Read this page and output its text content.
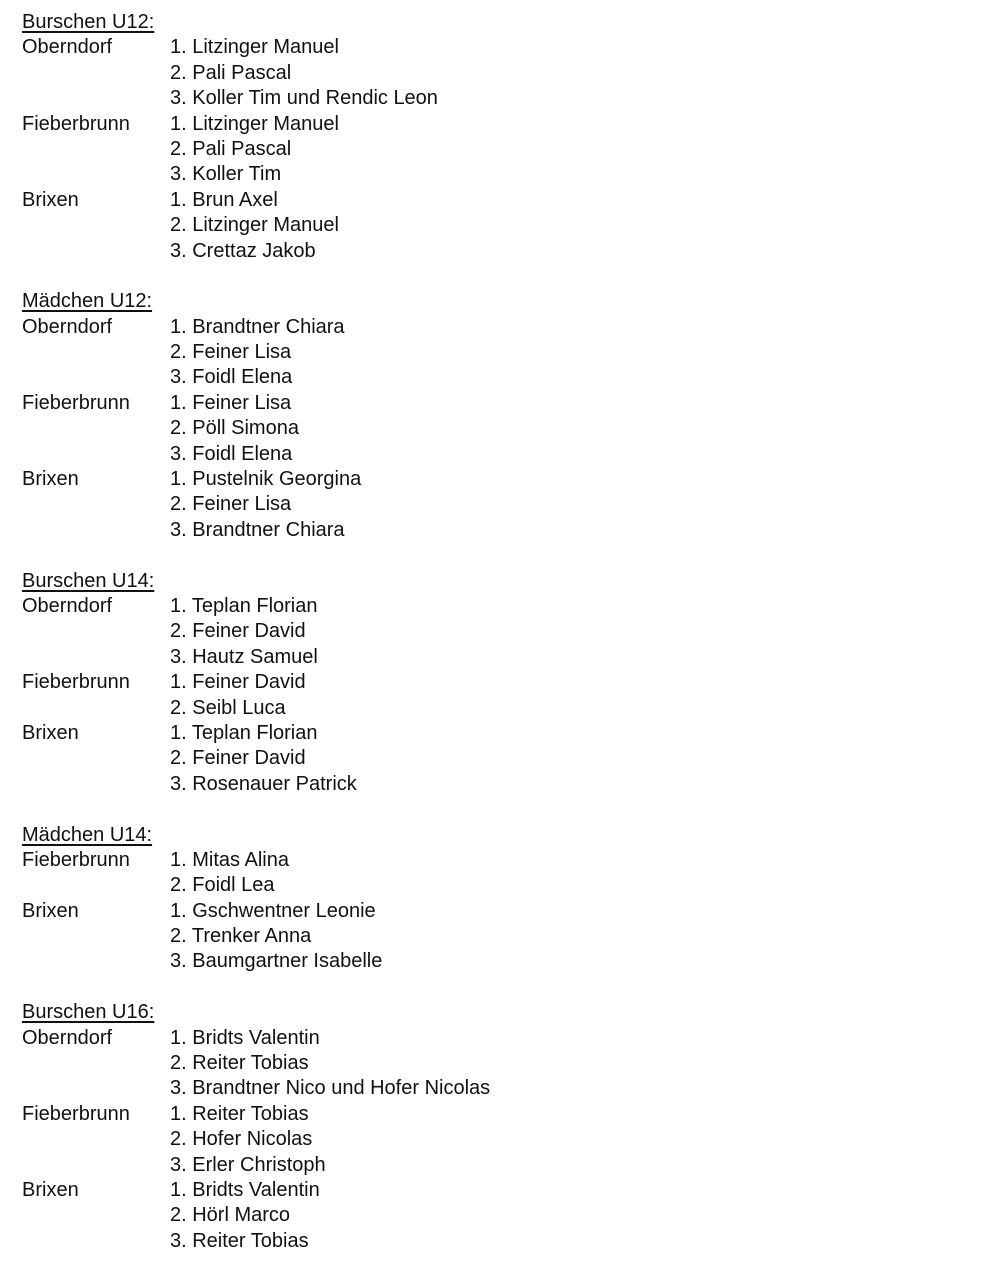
Burschen U12:
Oberndorf	1. Litzinger Manuel
2. Pali Pascal
3. Koller Tim und Rendic Leon
Fieberbrunn	1. Litzinger Manuel
2. Pali Pascal
3. Koller Tim
Brixen	1. Brun Axel
2. Litzinger Manuel
3. Crettaz Jakob
Mädchen U12:
Oberndorf	1. Brandtner Chiara
2. Feiner Lisa
3. Foidl Elena
Fieberbrunn	1. Feiner Lisa
2. Pöll Simona
3. Foidl Elena
Brixen	1. Pustelnik Georgina
2. Feiner Lisa
3. Brandtner Chiara
Burschen U14:
Oberndorf	1. Teplan Florian
2. Feiner David
3. Hautz Samuel
Fieberbrunn	1. Feiner David
2. Seibl Luca
Brixen	1. Teplan Florian
2. Feiner David
3. Rosenauer Patrick
Mädchen U14:
Fieberbrunn	1. Mitas Alina
2. Foidl Lea
Brixen	1. Gschwentner Leonie
2. Trenker Anna
3. Baumgartner Isabelle
Burschen U16:
Oberndorf	1. Bridts Valentin
2. Reiter Tobias
3. Brandtner Nico und Hofer Nicolas
Fieberbrunn	1. Reiter Tobias
2. Hofer Nicolas
3. Erler Christoph
Brixen	1. Bridts Valentin
2. Hörl Marco
3. Reiter Tobias
